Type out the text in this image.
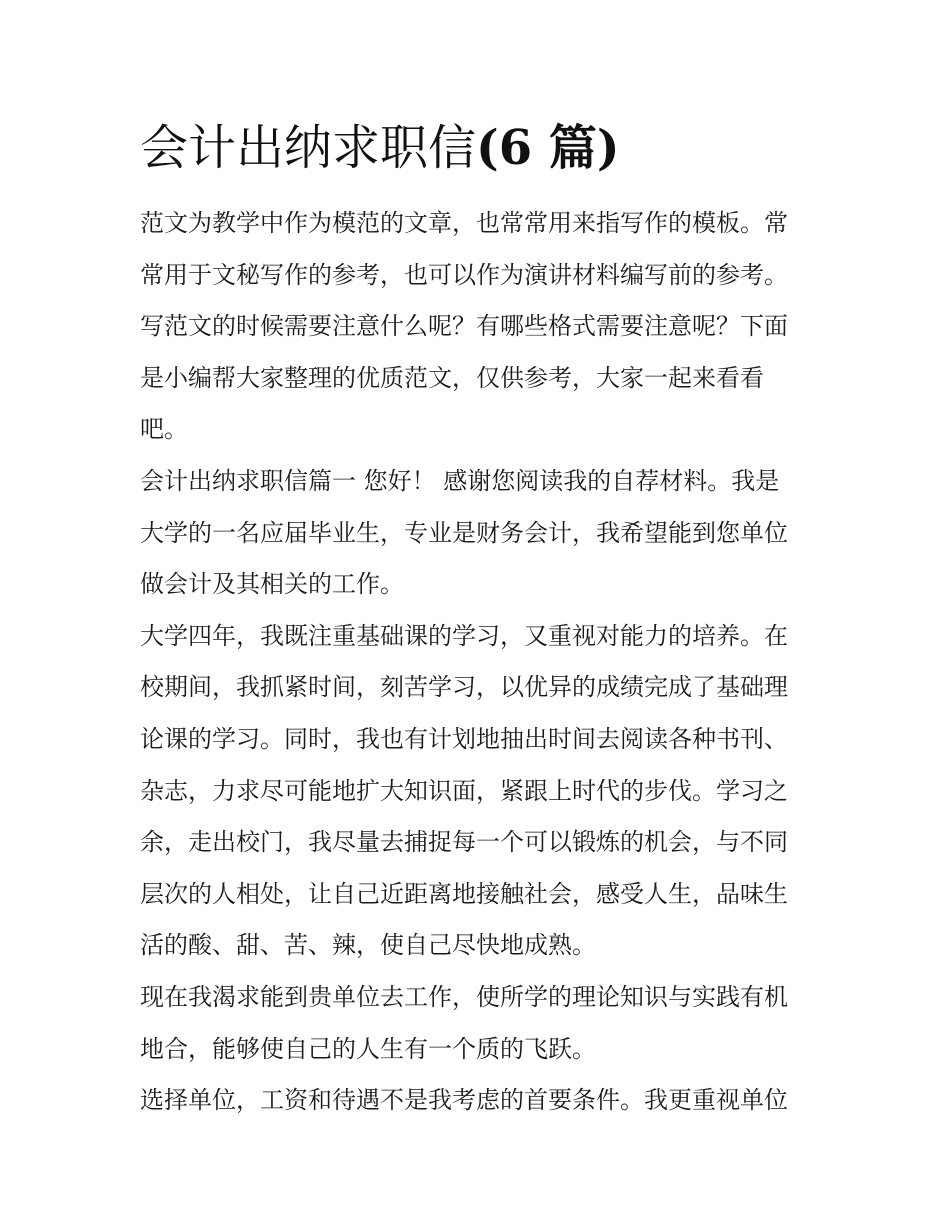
会计出纳求职信(6 篇)
范文为教学中作为模范的文章，也常常用来指写作的模板。常
常用于文秘写作的参考，也可以作为演讲材料编写前的参考。
写范文的时候需要注意什么呢？有哪些格式需要注意呢？下面
是小编帮大家整理的优质范文，仅供参考，大家一起来看看
吧。
会计出纳求职信篇一 您好！ 感谢您阅读我的自荐材料。我是
大学的一名应届毕业生，专业是财务会计，我希望能到您单位
做会计及其相关的工作。
大学四年，我既注重基础课的学习，又重视对能力的培养。在
校期间，我抓紧时间，刻苦学习，以优异的成绩完成了基础理
论课的学习。同时，我也有计划地抽出时间去阅读各种书刊、
杂志，力求尽可能地扩大知识面，紧跟上时代的步伐。学习之
余，走出校门，我尽量去捕捉每一个可以锻炼的机会，与不同
层次的人相处，让自己近距离地接触社会，感受人生，品味生
活的酸、甜、苦、辣，使自己尽快地成熟。
现在我渴求能到贵单位去工作，使所学的理论知识与实践有机
地合，能够使自己的人生有一个质的飞跃。
选择单位，工资和待遇不是我考虑的首要条件。我更重视单位
